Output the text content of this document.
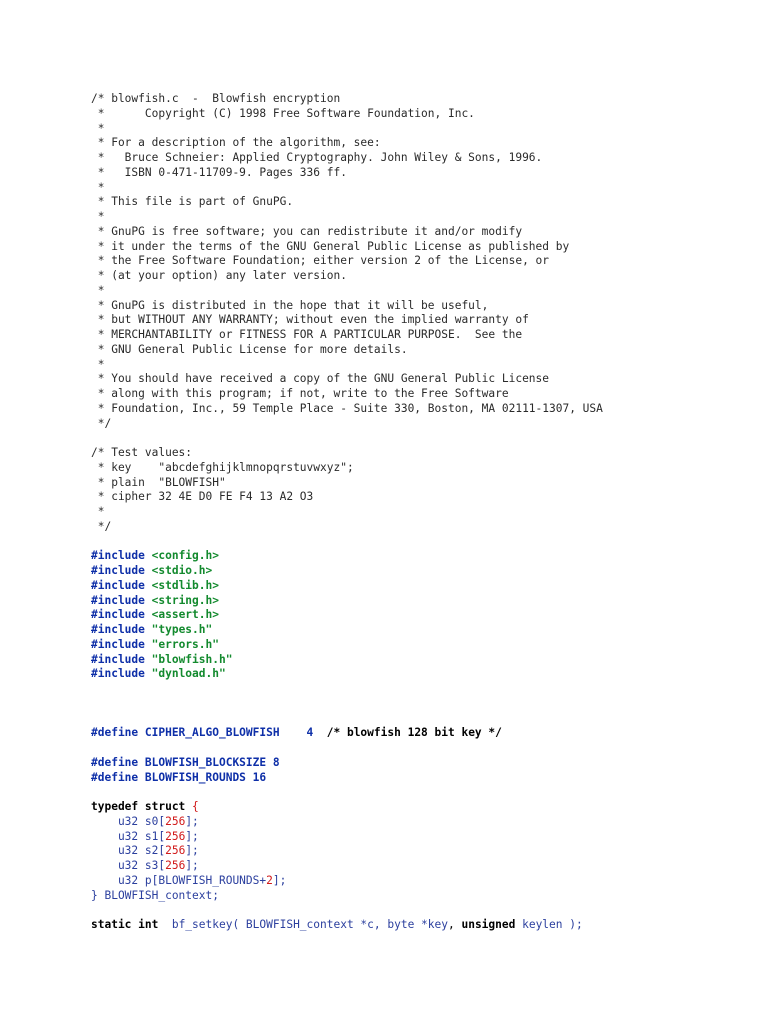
/* blowfish.c  -  Blowfish encryption
*      Copyright (C) 1998 Free Software Foundation, Inc.
*
* For a description of the algorithm, see:
*   Bruce Schneier: Applied Cryptography. John Wiley & Sons, 1996.
*   ISBN 0-471-11709-9. Pages 336 ff.
*
* This file is part of GnuPG.
*
* GnuPG is free software; you can redistribute it and/or modify
* it under the terms of the GNU General Public License as published by
* the Free Software Foundation; either version 2 of the License, or
* (at your option) any later version.
*
* GnuPG is distributed in the hope that it will be useful,
* but WITHOUT ANY WARRANTY; without even the implied warranty of
* MERCHANTABILITY or FITNESS FOR A PARTICULAR PURPOSE.  See the
* GNU General Public License for more details.
*
* You should have received a copy of the GNU General Public License
* along with this program; if not, write to the Free Software
* Foundation, Inc., 59 Temple Place - Suite 330, Boston, MA 02111-1307, USA
*/
/* Test values:
* key    "abcdefghijklmnopqrstuvwxyz";
* plain  "BLOWFISH"
* cipher 32 4E D0 FE F4 13 A2 O3
*
*/
#include <config.h>
#include <stdio.h>
#include <stdlib.h>
#include <string.h>
#include <assert.h>
#include "types.h"
#include "errors.h"
#include "blowfish.h"
#include "dynload.h"
#define CIPHER_ALGO_BLOWFISH    4  /* blowfish 128 bit key */
#define BLOWFISH_BLOCKSIZE 8
#define BLOWFISH_ROUNDS 16
typedef struct {
u32 s0[256];
u32 s1[256];
u32 s2[256];
u32 s3[256];
u32 p[BLOWFISH_ROUNDS+2];
} BLOWFISH_context;
static int  bf_setkey( BLOWFISH_context *c, byte *key, unsigned keylen );
